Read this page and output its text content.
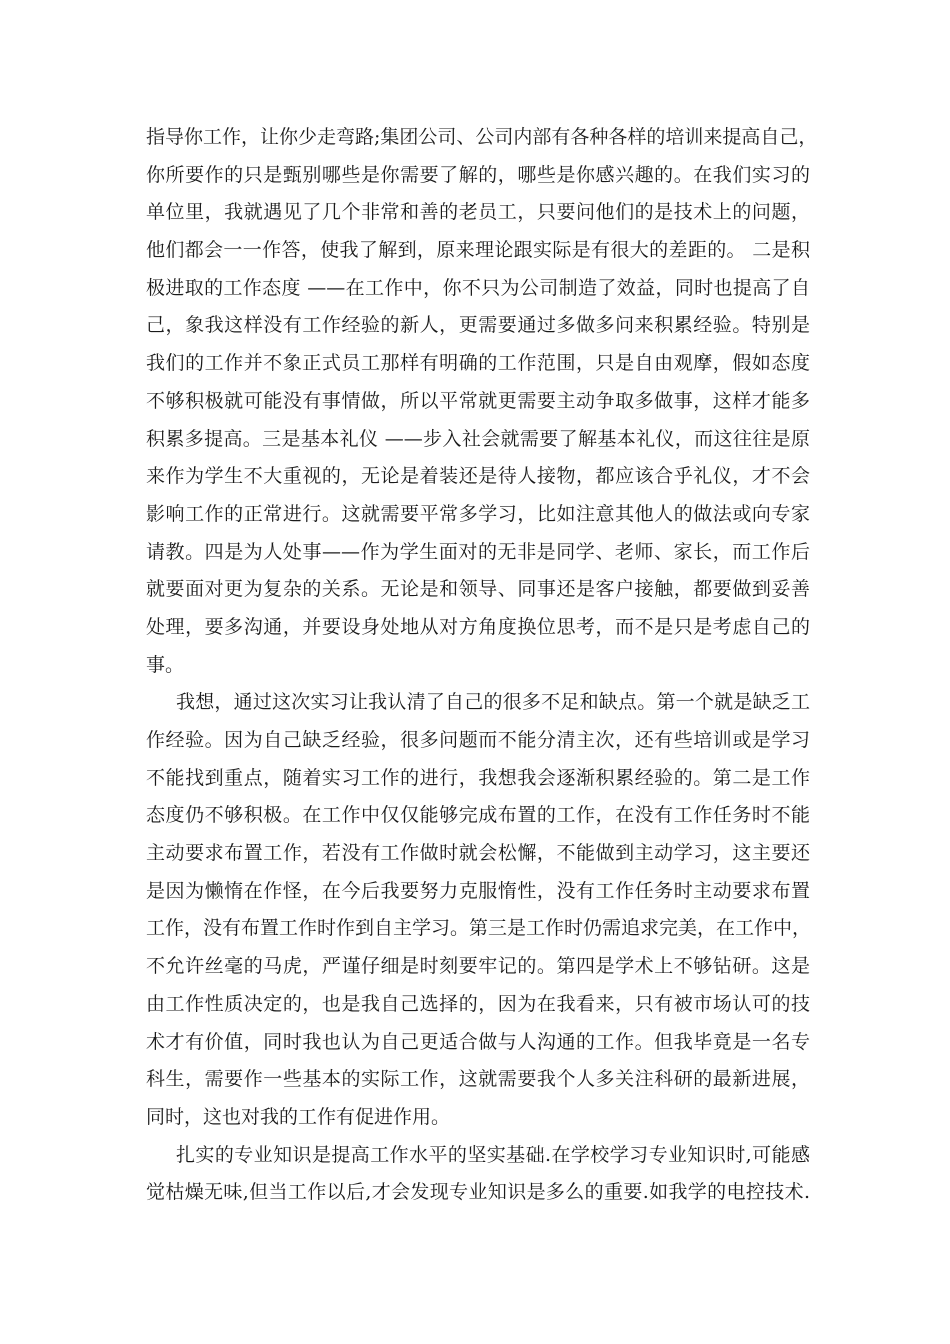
指导你工作，让你少走弯路;集团公司、公司内部有各种各样的培训来提高自己，
你所要作的只是甄别哪些是你需要了解的，哪些是你感兴趣的。在我们实习的
单位里，我就遇见了几个非常和善的老员工，只要问他们的是技术上的问题，
他们都会一一作答，使我了解到，原来理论跟实际是有很大的差距的。 二是积
极进取的工作态度 ——在工作中，你不只为公司制造了效益，同时也提高了自
己，象我这样没有工作经验的新人，更需要通过多做多问来积累经验。特别是
我们的工作并不象正式员工那样有明确的工作范围，只是自由观摩，假如态度
不够积极就可能没有事情做，所以平常就更需要主动争取多做事，这样才能多
积累多提高。三是基本礼仪 ——步入社会就需要了解基本礼仪，而这往往是原
来作为学生不大重视的，无论是着装还是待人接物，都应该合乎礼仪，才不会
影响工作的正常进行。这就需要平常多学习，比如注意其他人的做法或向专家
请教。四是为人处事——作为学生面对的无非是同学、老师、家长，而工作后
就要面对更为复杂的关系。无论是和领导、同事还是客户接触，都要做到妥善
处理，要多沟通，并要设身处地从对方角度换位思考，而不是只是考虑自己的
事。
我想，通过这次实习让我认清了自己的很多不足和缺点。第一个就是缺乏工
作经验。因为自己缺乏经验，很多问题而不能分清主次，还有些培训或是学习
不能找到重点，随着实习工作的进行，我想我会逐渐积累经验的。第二是工作
态度仍不够积极。在工作中仅仅能够完成布置的工作，在没有工作任务时不能
主动要求布置工作，若没有工作做时就会松懈，不能做到主动学习，这主要还
是因为懒惰在作怪，在今后我要努力克服惰性，没有工作任务时主动要求布置
工作，没有布置工作时作到自主学习。第三是工作时仍需追求完美，在工作中，
不允许丝毫的马虎，严谨仔细是时刻要牢记的。第四是学术上不够钻研。这是
由工作性质决定的，也是我自己选择的，因为在我看来，只有被市场认可的技
术才有价值，同时我也认为自己更适合做与人沟通的工作。但我毕竟是一名专
科生，需要作一些基本的实际工作，这就需要我个人多关注科研的最新进展，
同时，这也对我的工作有促进作用。
扎实的专业知识是提高工作水平的坚实基础.在学校学习专业知识时,可能感
觉枯燥无味,但当工作以后,才会发现专业知识是多么的重要.如我学的电控技术.
